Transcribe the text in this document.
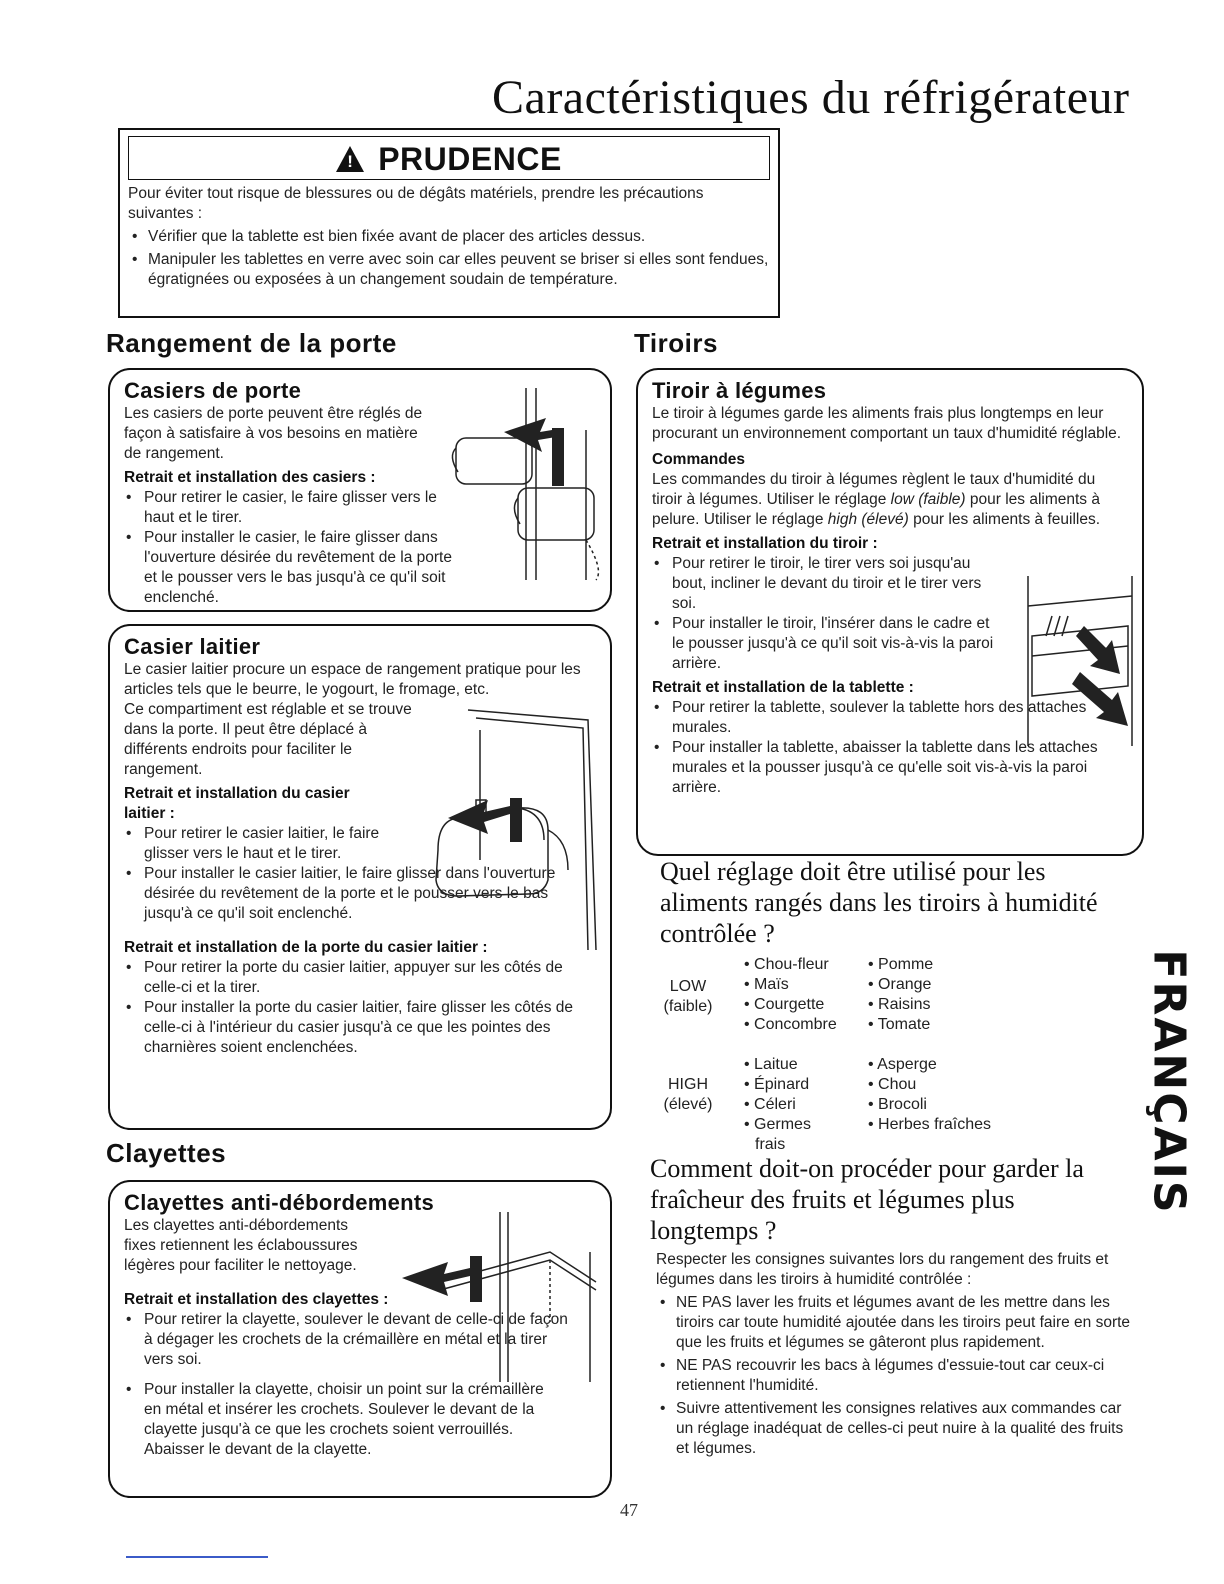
Caractéristiques du réfrigérateur
! PRUDENCE

Pour éviter tout risque de blessures ou de dégâts matériels, prendre les précautions suivantes :

• Vérifier que la tablette est bien fixée avant de placer des articles dessus.
• Manipuler les tablettes en verre avec soin car elles peuvent se briser si elles sont fendues, égratignées ou exposées à un changement soudain de température.
Rangement de la porte	Tiroirs
Clayettes
Casiers de porte

Les casiers de porte peuvent être réglés de façon à satisfaire à vos besoins en matière de rangement.

Retrait et installation des casiers :
• Pour retirer le casier, le faire glisser vers le haut et le tirer.
• Pour installer le casier, le faire glisser dans l'ouverture désirée du revêtement de la porte et le pousser vers le bas jusqu'à ce qu'il soit enclenché.
Casier laitier

Le casier laitier procure un espace de rangement pratique pour les articles tels que le beurre, le yogourt, le fromage, etc.

Ce compartiment est réglable et se trouve dans la porte. Il peut être déplacé à différents endroits pour faciliter le rangement.

Retrait et installation du casier laitier :
• Pour retirer le casier laitier, le faire glisser vers le haut et le tirer.
• Pour installer le casier laitier, le faire glisser dans l'ouverture désirée du revêtement de la porte et le pousser vers le bas jusqu'à ce qu'il soit enclenché.
Retrait et installation de la porte du casier laitier :
• Pour retirer la porte du casier laitier, appuyer sur les côtés de celle-ci et la tirer.
• Pour installer la porte du casier laitier, faire glisser les côtés de celle-ci à l'intérieur du casier jusqu'à ce que les pointes des charnières soient enclenchées.
Clayettes anti-débordements

Les clayettes anti-débordements fixes retiennent les éclaboussures légères pour faciliter le nettoyage.

Retrait et installation des clayettes :
• Pour retirer la clayette, soulever le devant de celle-ci de façon à dégager les crochets de la crémaillère en métal et la tirer vers soi.
• Pour installer la clayette, choisir un point sur la crémaillère en métal et insérer les crochets. Soulever le devant de la clayette jusqu'à ce que les crochets soient verrouillés. Abaisser le devant de la clayette.
Tiroir à légumes

Le tiroir à légumes garde les aliments frais plus longtemps en leur procurant un environnement comportant un taux d'humidité réglable.

Commandes

Les commandes du tiroir à légumes règlent le taux d'humidité du tiroir à légumes. Utiliser le réglage low (faible) pour les aliments à pelure. Utiliser le réglage high (élevé) pour les aliments à feuilles.

Retrait et installation du tiroir :
• Pour retirer le tiroir, le tirer vers soi jusqu'au bout, incliner le devant du tiroir et le tirer vers soi.
• Pour installer le tiroir, l'insérer dans le cadre et le pousser jusqu'à ce qu'il soit vis-à-vis la paroi arrière.
Retrait et installation de la tablette :
• Pour retirer la tablette, soulever la tablette hors des attaches murales.
• Pour installer la tablette, abaisser la tablette dans les attaches murales et la pousser jusqu'à ce qu'elle soit vis-à-vis la paroi arrière.
Quel réglage doit être utilisé pour les aliments rangés dans les tiroirs à humidité contrôlée ?
LOW
(faible)
• Chou-fleur
• Maïs
• Courgette
• Concombre
• Pomme
• Orange
• Raisins
• Tomate
HIGH
(élevé)
• Laitue
• Épinard
• Céleri
• Germes frais
• Asperge
• Chou
• Brocoli
• Herbes fraîches
Comment doit-on procéder pour garder la fraîcheur des fruits et légumes plus longtemps ?

Respecter les consignes suivantes lors du rangement des fruits et légumes dans les tiroirs à humidité contrôlée :

• NE PAS laver les fruits et légumes avant de les mettre dans les tiroirs car toute humidité ajoutée dans les tiroirs peut faire en sorte que les fruits et légumes se gâteront plus rapidement.
• NE PAS recouvrir les bacs à légumes d'essuie-tout car ceux-ci retiennent l'humidité.
• Suivre attentivement les consignes relatives aux commandes car un réglage inadéquat de celles-ci peut nuire à la qualité des fruits et légumes.
FRANÇAIS
47
